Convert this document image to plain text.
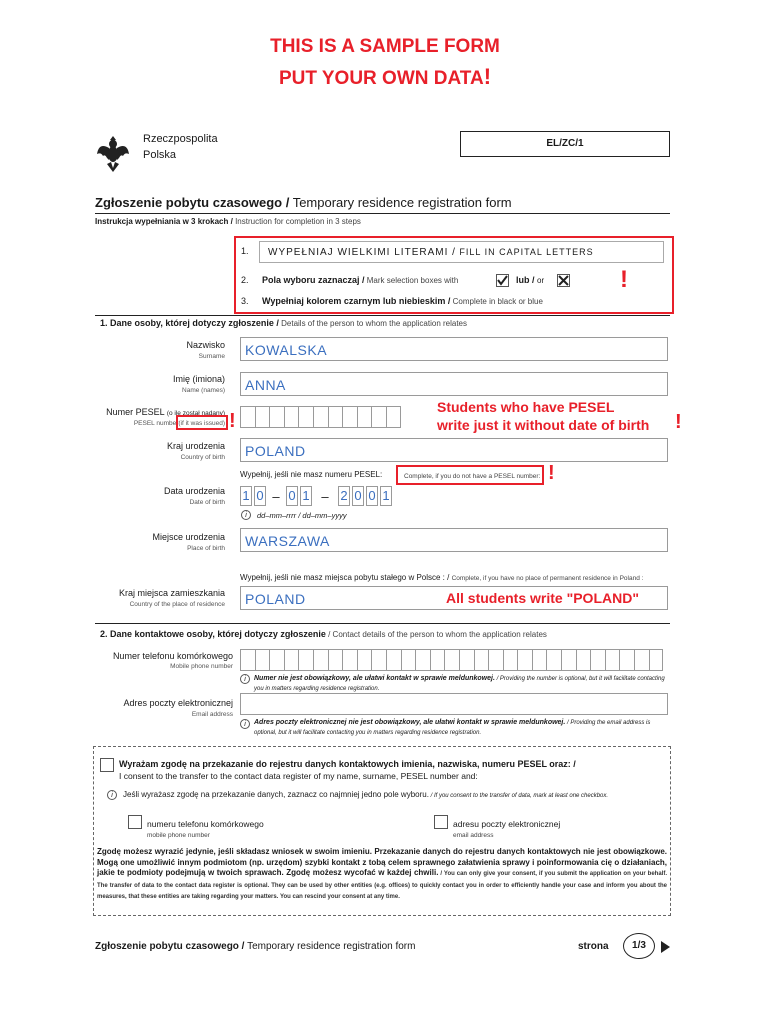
THIS IS A SAMPLE FORM
PUT YOUR OWN DATA!
Rzeczpospolita
Polska
EL/ZC/1
Zgłoszenie pobytu czasowego / Temporary residence registration form
Instrukcja wypełniania w 3 krokach / Instruction for completion in 3 steps
1.	WYPEŁNIAJ WIELKIMI LITERAMI / FILL IN CAPITAL LETTERS
2. Pola wyboru zaznaczaj / Mark selection boxes with	lub / or	!
3. Wypełniaj kolorem czarnym lub niebieskim / Complete in black or blue
1. Dane osoby, której dotyczy zgłoszenie / Details of the person to whom the application relates
Nazwisko
Surname	KOWALSKA
Imię (imiona)
Name (names)	ANNA
Numer PESEL (o ile został nadany)
PESEL number(if it was issued) !
Students who have PESEL
write just it without date of birth !
Kraj urodzenia
Country of birth	POLAND
Wypełnij, jeśli nie masz numeru PESEL:	Complete, if you do not have a PESEL number: !
Data urodzenia
Date of birth 1 0 – 0 1 – 2 0 0 1
i	dd–mm–rrrr / dd–mm–yyyy
Miejsce urodzenia
Place of birth	WARSZAWA
Wypełnij, jeśli nie masz miejsca pobytu stałego w Polsce : / Complete, if you have no place of permanent residence in Poland :
Kraj miejsca zamieszkania
Country of the place of residence	POLAND	All students write "POLAND"
2. Dane kontaktowe osoby, której dotyczy zgłoszenie / Contact details of the person to whom the application relates
Numer telefonu komórkowego
Mobile phone number
i	Numer nie jest obowiązkowy, ale ułatwi kontakt w sprawie meldunkowej. / Providing the number is optional, but it will facilitate contacting you in matters regarding residence registration.
Adres poczty elektronicznej
Email address
i	Adres poczty elektronicznej nie jest obowiązkowy, ale ułatwi kontakt w sprawie meldunkowej. / Providing the email address is optional, but it will facilitate contacting you in matters regarding residence registration.
Wyrażam zgodę na przekazanie do rejestru danych kontaktowych imienia, nazwiska, numeru PESEL oraz: /
I consent to the transfer to the contact data register of my name, surname, PESEL number and:
i	Jeśli wyrażasz zgodę na przekazanie danych, zaznacz co najmniej jedno pole wyboru. / If you consent to the transfer of data, mark at least one checkbox.
numeru telefonu komórkowego
mobile phone number
adresu poczty elektronicznej
email address
Zgodę możesz wyrazić jedynie, jeśli składasz wniosek w swoim imieniu. Przekazanie danych do rejestru danych kontaktowych nie jest obowiązkowe. Mogą one umożliwić innym podmiotom (np. urzędom) szybki kontakt z tobą celem sprawnego załatwienia sprawy i poinformowania cię o działaniach, jakie te podmioty podejmują w twoich sprawach. Zgodę możesz wycofać w każdej chwili. / You can only give your consent, if you submit the application on your behalf. The transfer of data to the contact data register is optional. They can be used by other entities (e.g. offices) to quickly contact you in order to efficiently handle your case and inform you about the measures, that these entities are taking regarding your matters. You can rescind your consent at any time.
Zgłoszenie pobytu czasowego / Temporary residence registration form	strona	1/3
